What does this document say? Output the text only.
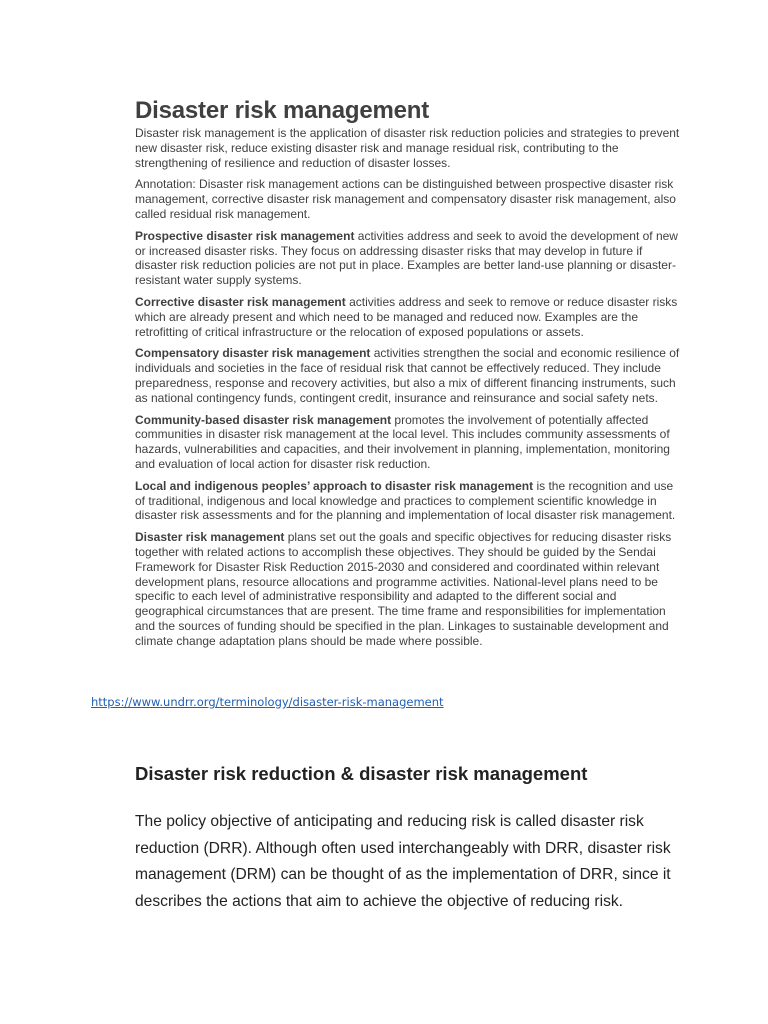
Disaster risk management

Disaster risk management is the application of disaster risk reduction policies and strategies to prevent new disaster risk, reduce existing disaster risk and manage residual risk, contributing to the strengthening of resilience and reduction of disaster losses.

Annotation: Disaster risk management actions can be distinguished between prospective disaster risk management, corrective disaster risk management and compensatory disaster risk management, also called residual risk management.

Prospective disaster risk management activities address and seek to avoid the development of new or increased disaster risks. They focus on addressing disaster risks that may develop in future if disaster risk reduction policies are not put in place. Examples are better land-use planning or disaster-resistant water supply systems.

Corrective disaster risk management activities address and seek to remove or reduce disaster risks which are already present and which need to be managed and reduced now. Examples are the retrofitting of critical infrastructure or the relocation of exposed populations or assets.

Compensatory disaster risk management activities strengthen the social and economic resilience of individuals and societies in the face of residual risk that cannot be effectively reduced. They include preparedness, response and recovery activities, but also a mix of different financing instruments, such as national contingency funds, contingent credit, insurance and reinsurance and social safety nets.

Community-based disaster risk management promotes the involvement of potentially affected communities in disaster risk management at the local level. This includes community assessments of hazards, vulnerabilities and capacities, and their involvement in planning, implementation, monitoring and evaluation of local action for disaster risk reduction.

Local and indigenous peoples’ approach to disaster risk management is the recognition and use of traditional, indigenous and local knowledge and practices to complement scientific knowledge in disaster risk assessments and for the planning and implementation of local disaster risk management.

Disaster risk management plans set out the goals and specific objectives for reducing disaster risks together with related actions to accomplish these objectives. They should be guided by the Sendai Framework for Disaster Risk Reduction 2015-2030 and considered and coordinated within relevant development plans, resource allocations and programme activities. National-level plans need to be specific to each level of administrative responsibility and adapted to the different social and geographical circumstances that are present. The time frame and responsibilities for implementation and the sources of funding should be specified in the plan. Linkages to sustainable development and climate change adaptation plans should be made where possible.

https://www.undrr.org/terminology/disaster-risk-management
Disaster risk reduction & disaster risk management

The policy objective of anticipating and reducing risk is called disaster risk reduction (DRR). Although often used interchangeably with DRR, disaster risk management (DRM) can be thought of as the implementation of DRR, since it describes the actions that aim to achieve the objective of reducing risk.
